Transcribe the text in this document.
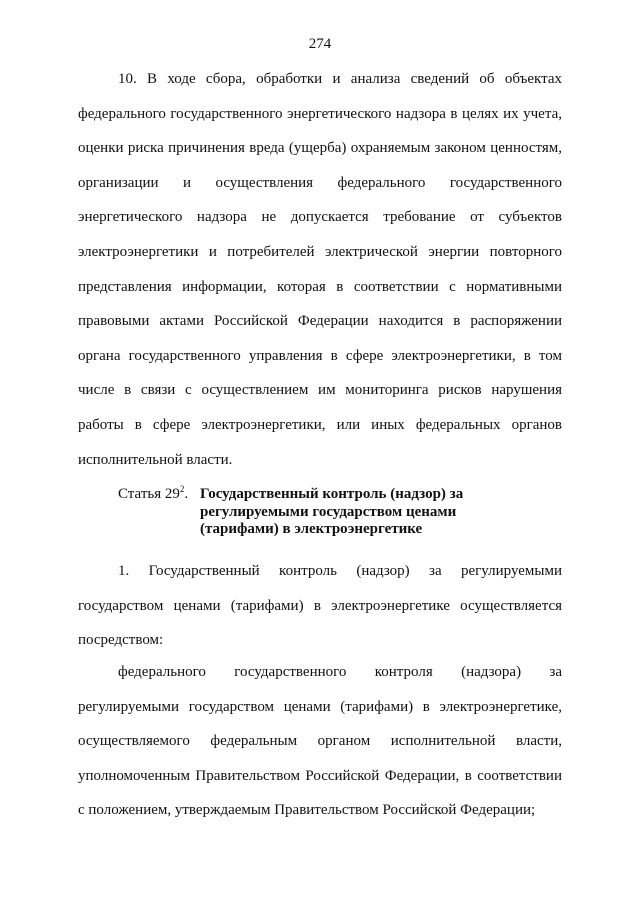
274

10. В ходе сбора, обработки и анализа сведений об объектах федерального государственного энергетического надзора в целях их учета, оценки риска причинения вреда (ущерба) охраняемым законом ценностям, организации и осуществления федерального государственного энергетического надзора не допускается требование от субъектов электроэнергетики и потребителей электрической энергии повторного представления информации, которая в соответствии с нормативными правовыми актами Российской Федерации находится в распоряжении органа государственного управления в сфере электроэнергетики, в том числе в связи с осуществлением им мониторинга рисков нарушения работы в сфере электроэнергетики, или иных федеральных органов исполнительной власти.

Статья $29^2$. Государственный контроль (надзор) за регулируемыми государством ценами (тарифами) в электроэнергетике

1. Государственный контроль (надзор) за регулируемыми государством ценами (тарифами) в электроэнергетике осуществляется посредством:

федерального государственного контроля (надзора) за регулируемыми государством ценами (тарифами) в электроэнергетике, осуществляемого федеральным органом исполнительной власти, уполномоченным Правительством Российской Федерации, в соответствии с положением, утверждаемым Правительством Российской Федерации;
